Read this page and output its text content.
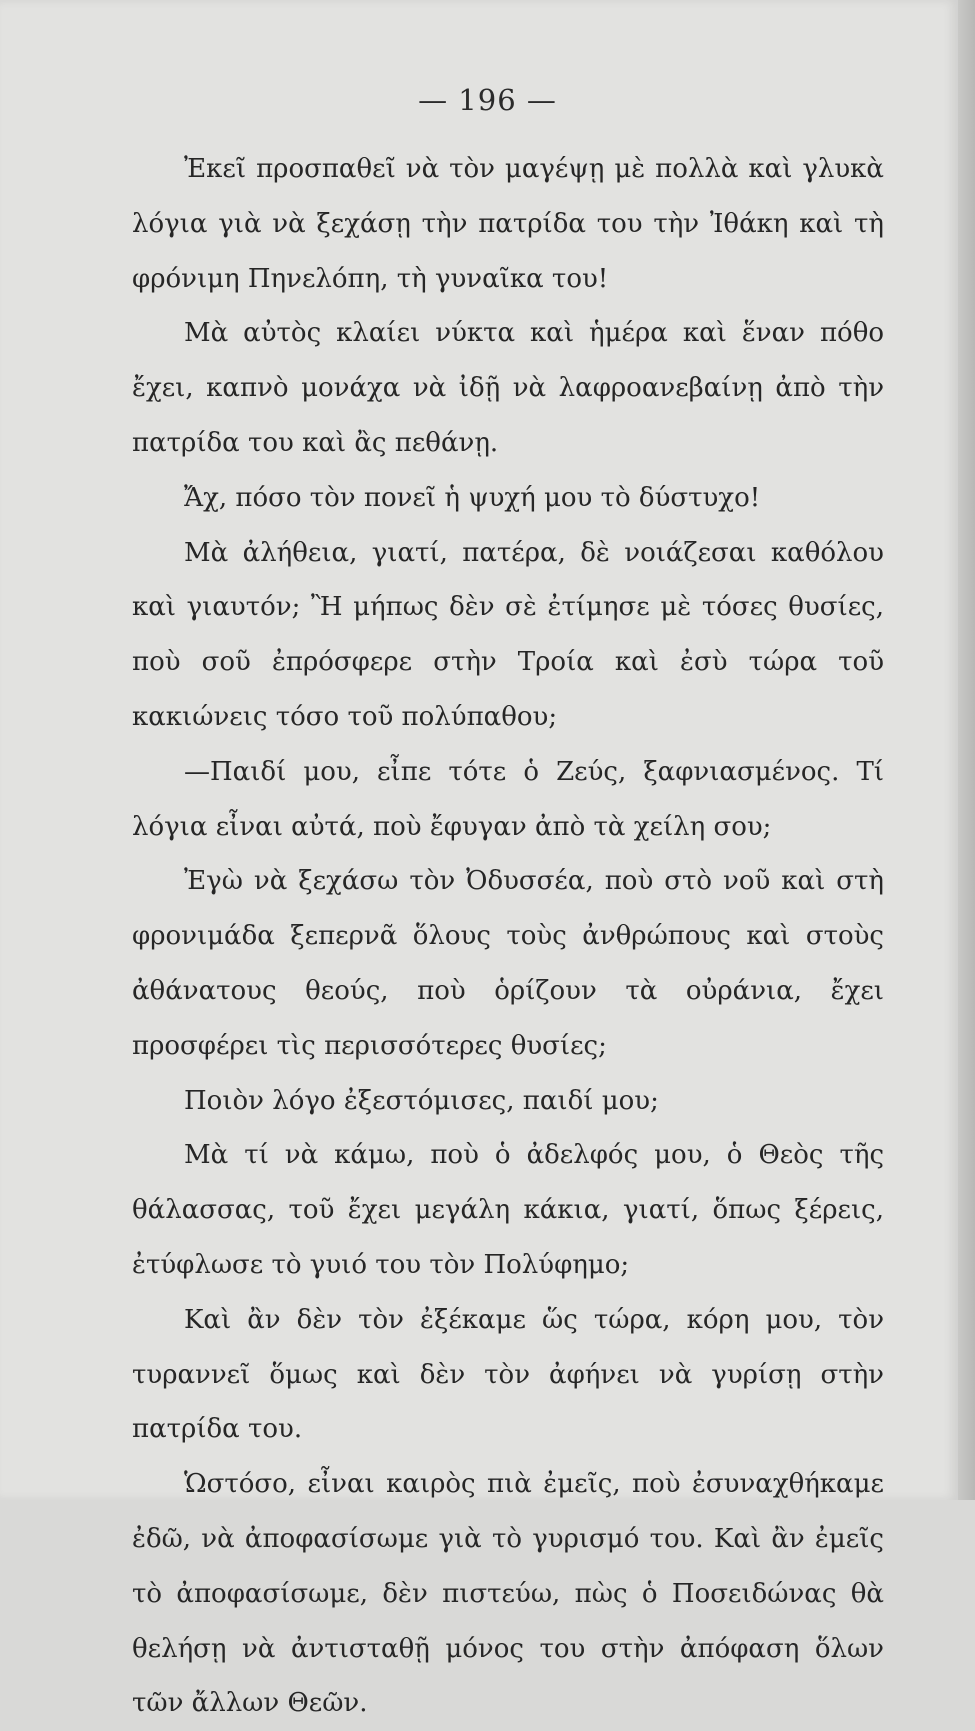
— 196 —

Ἐκεῖ προσπαθεῖ νὰ τὸν μαγέψῃ μὲ πολλὰ καὶ γλυκὰ λόγια γιὰ νὰ ξεχάσῃ τὴν πατρίδα του τὴν Ἰθάκη καὶ τὴ φρόνιμη Πηνελόπη, τὴ γυναῖκα του!

Μὰ αὐτὸς κλαίει νύκτα καὶ ἡμέρα καὶ ἕναν πόθο ἔχει, καπνὸ μονάχα νὰ ἰδῇ νὰ λαφροανεβαίνῃ ἀπὸ τὴν πατρίδα του καὶ ἂς πεθάνῃ.

Ἄχ, πόσο τὸν πονεῖ ἡ ψυχή μου τὸ δύστυχο!

Μὰ ἀλήθεια, γιατί, πατέρα, δὲ νοιάζεσαι καθόλου καὶ γιαυτόν; Ἢ μήπως δὲν σὲ ἐτίμησε μὲ τόσες θυσίες, ποὺ σοῦ ἐπρόσφερε στὴν Τροία καὶ ἐσὺ τώρα τοῦ κακιώνεις τόσο τοῦ πολύπαθου;

—Παιδί μου, εἶπε τότε ὁ Ζεύς, ξαφνιασμένος. Τί λόγια εἶναι αὐτά, ποὺ ἔφυγαν ἀπὸ τὰ χείλη σου;

Ἐγὼ νὰ ξεχάσω τὸν Ὀδυσσέα, ποὺ στὸ νοῦ καὶ στὴ φρονιμάδα ξεπερνᾶ ὅλους τοὺς ἀνθρώπους καὶ στοὺς ἀθάνατους θεούς, ποὺ ὁρίζουν τὰ οὐράνια, ἔχει προσφέρει τὶς περισσότερες θυσίες;

Ποιὸν λόγο ἐξεστόμισες, παιδί μου;

Μὰ τί νὰ κάμω, ποὺ ὁ ἀδελφός μου, ὁ Θεὸς τῆς θάλασσας, τοῦ ἔχει μεγάλη κάκια, γιατί, ὅπως ξέρεις, ἐτύφλωσε τὸ γυιό του τὸν Πολύφημο;

Καὶ ἂν δὲν τὸν ἐξέκαμε ὥς τώρα, κόρη μου, τὸν τυραννεῖ ὅμως καὶ δὲν τὸν ἀφήνει νὰ γυρίσῃ στὴν πατρίδα του.

Ὡστόσο, εἶναι καιρὸς πιὰ ἐμεῖς, ποὺ ἐσυναχθήκαμε ἐδῶ, νὰ ἀποφασίσωμε γιὰ τὸ γυρισμό του. Καὶ ἂν ἐμεῖς τὸ ἀποφασίσωμε, δὲν πιστεύω, πὼς ὁ Ποσειδώνας θὰ θελήσῃ νὰ ἀντισταθῇ μόνος του στὴν ἀπόφαση ὅλων τῶν ἄλλων Θεῶν.
